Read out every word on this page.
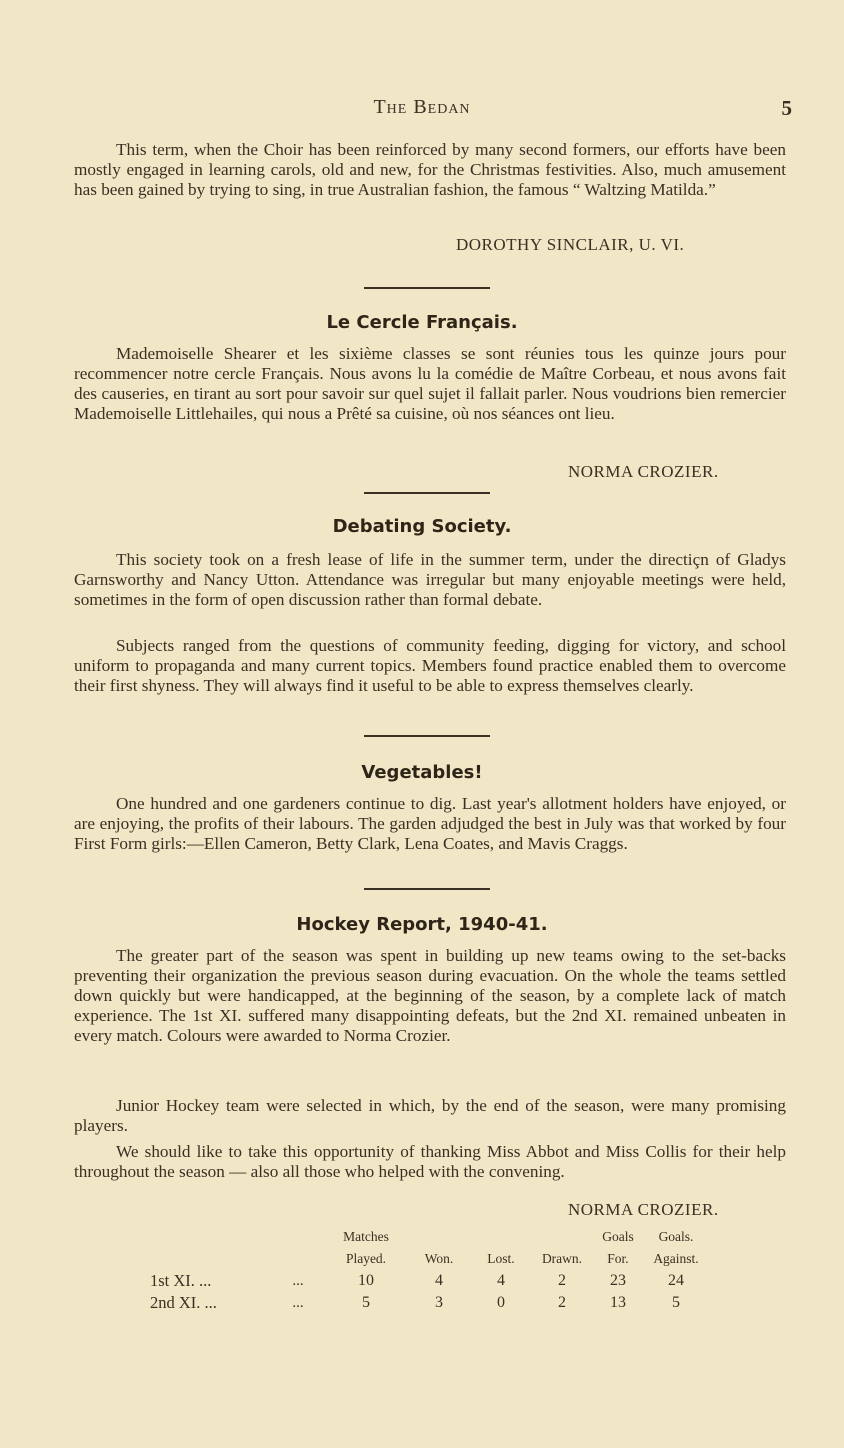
The Bedan	5

This term, when the Choir has been reinforced by many second formers, our efforts have been mostly engaged in learning carols, old and new, for the Christmas festivities. Also, much amusement has been gained by trying to sing, in true Australian fashion, the famous “ Waltzing Matilda.”

DOROTHY SINCLAIR, U. VI.
Le Cercle Français.

Mademoiselle Shearer et les sixième classes se sont réunies tous les quinze jours pour recommencer notre cercle Français. Nous avons lu la comédie de Maître Corbeau, et nous avons fait des causeries, en tirant au sort pour savoir sur quel sujet il fallait parler. Nous voudrions bien remercier Mademoiselle Littlehailes, qui nous a Prêté sa cuisine, où nos séances ont lieu.

NORMA CROZIER.
Debating Society.

This society took on a fresh lease of life in the summer term, under the directiçn of Gladys Garnsworthy and Nancy Utton. Attendance was irregular but many enjoyable meetings were held, sometimes in the form of open discussion rather than formal debate.

Subjects ranged from the questions of community feeding, digging for victory, and school uniform to propaganda and many current topics. Members found practice enabled them to overcome their first shyness. They will always find it useful to be able to express themselves clearly.

Vegetables!

One hundred and one gardeners continue to dig. Last year's allotment holders have enjoyed, or are enjoying, the profits of their labours. The garden adjudged the best in July was that worked by four First Form girls:—Ellen Cameron, Betty Clark, Lena Coates, and Mavis Craggs.

Hockey Report, 1940-41.

The greater part of the season was spent in building up new teams owing to the set-backs preventing their organization the previous season during evacuation. On the whole the teams settled down quickly but were handicapped, at the beginning of the season, by a complete lack of match experience. The 1st XI. suffered many disappointing defeats, but the 2nd XI. remained unbeaten in every match. Colours were awarded to Norma Crozier.

Junior Hockey team were selected in which, by the end of the season, were many promising players.

We should like to take this opportunity of thanking Miss Abbot and Miss Collis for their help throughout the season — also all those who helped with the convening.

NORMA CROZIER.
		Matches				Goals	Goals.
		Played.	Won.	Lost.	Drawn.	For.	Against.
1st XI. ...	...	10	4	4	2	23	24
2nd XI. ...	...	5	3	0	2	13	5
